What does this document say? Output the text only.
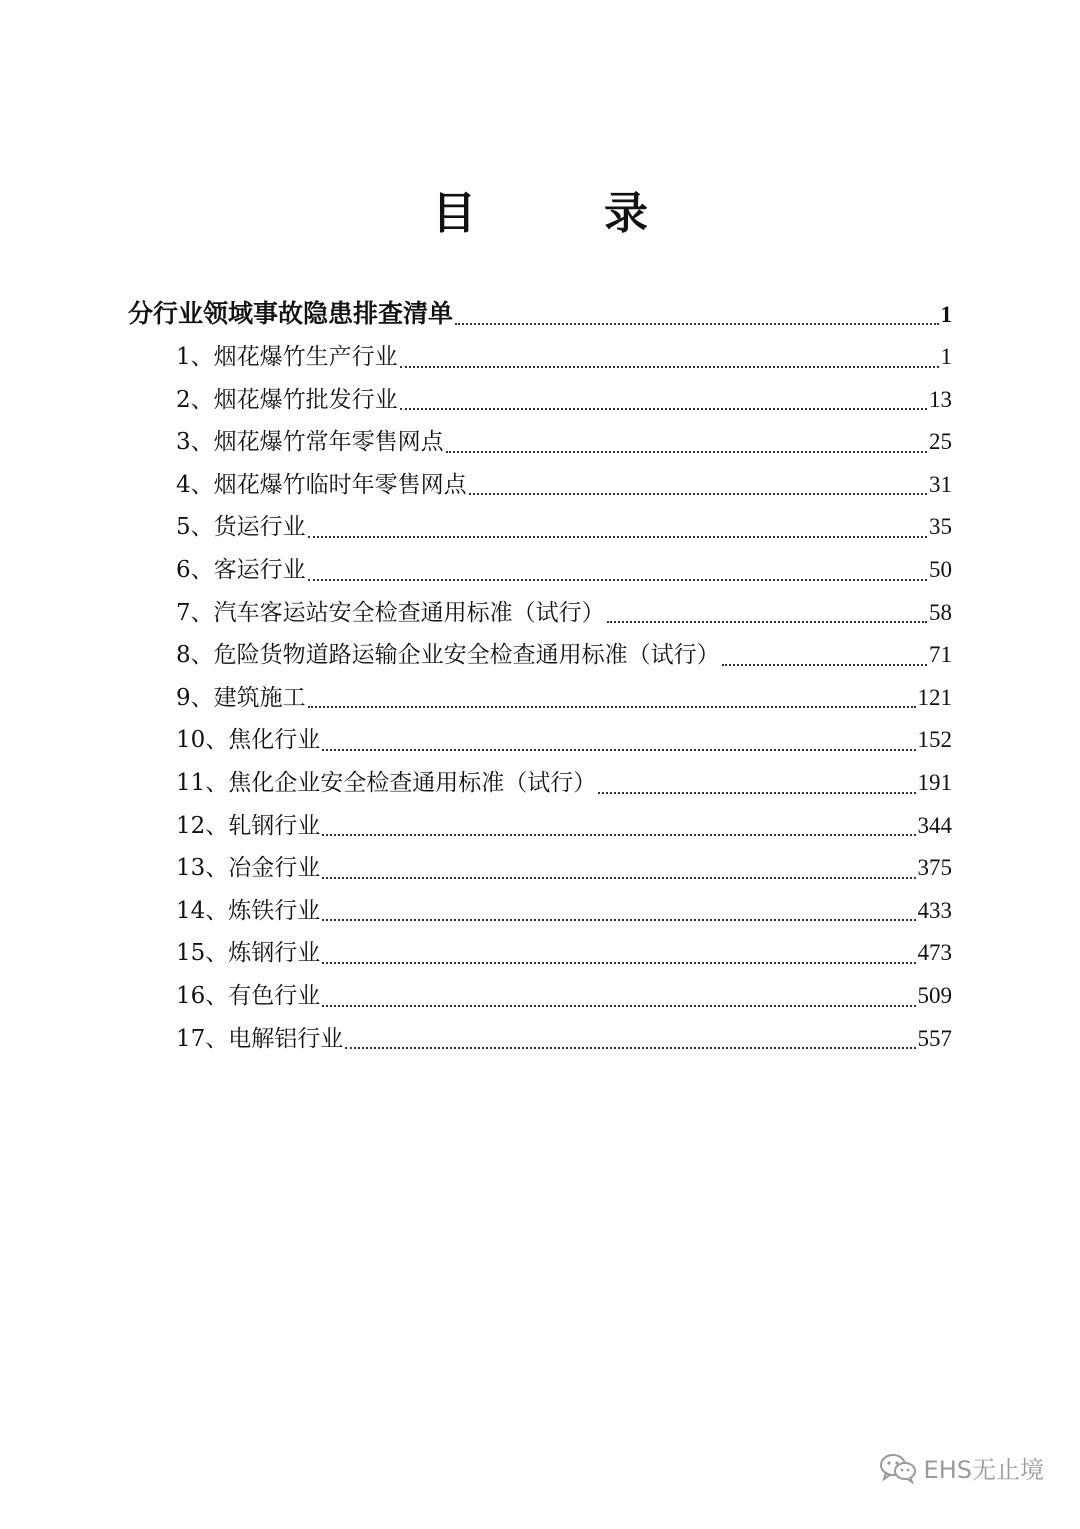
目　录
分行业领域事故隐患排查清单	1
1、烟花爆竹生产行业	1
2、烟花爆竹批发行业	13
3、烟花爆竹常年零售网点	25
4、烟花爆竹临时年零售网点	31
5、货运行业	35
6、客运行业	50
7、汽车客运站安全检查通用标准（试行）	58
8、危险货物道路运输企业安全检查通用标准（试行）	71
9、建筑施工	121
10、焦化行业	152
11、焦化企业安全检查通用标准（试行）	191
12、轧钢行业	344
13、冶金行业	375
14、炼铁行业	433
15、炼钢行业	473
16、有色行业	509
17、电解铝行业	557
EHS无止境
